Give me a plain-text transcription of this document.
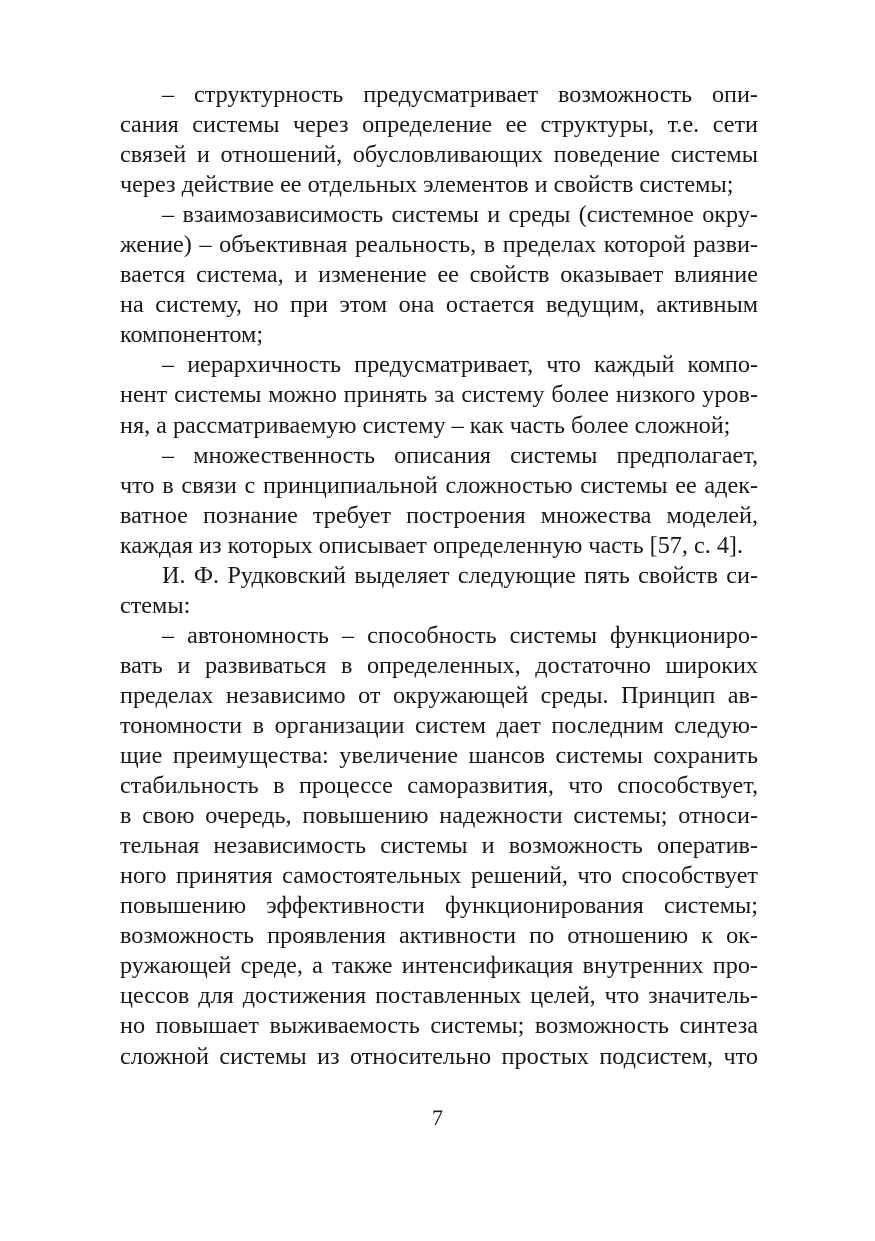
– структурность предусматривает возможность опи-
сания системы через определение ее структуры, т.е. сети
связей и отношений, обусловливающих поведение системы
через действие ее отдельных элементов и свойств системы;
– взаимозависимость системы и среды (системное окру-
жение) – объективная реальность, в пределах которой разви-
вается система, и изменение ее свойств оказывает влияние
на систему, но при этом она остается ведущим, активным
компонентом;
– иерархичность предусматривает, что каждый компо-
нент системы можно принять за систему более низкого уров-
ня, а рассматриваемую систему – как часть более сложной;
– множественность описания системы предполагает,
что в связи с принципиальной сложностью системы ее адек-
ватное познание требует построения множества моделей,
каждая из которых описывает определенную часть [57, с. 4].
И. Ф. Рудковский выделяет следующие пять свойств си-
стемы:
– автономность – способность системы функциониро-
вать и развиваться в определенных, достаточно широких
пределах независимо от окружающей среды. Принцип ав-
тономности в организации систем дает последним следую-
щие преимущества: увеличение шансов системы сохранить
стабильность в процессе саморазвития, что способствует,
в свою очередь, повышению надежности системы; относи-
тельная независимость системы и возможность оператив-
ного принятия самостоятельных решений, что способствует
повышению эффективности функционирования системы;
возможность проявления активности по отношению к ок-
ружающей среде, а также интенсификация внутренних про-
цессов для достижения поставленных целей, что значитель-
но повышает выживаемость системы; возможность синтеза
сложной системы из относительно простых подсистем, что
7
